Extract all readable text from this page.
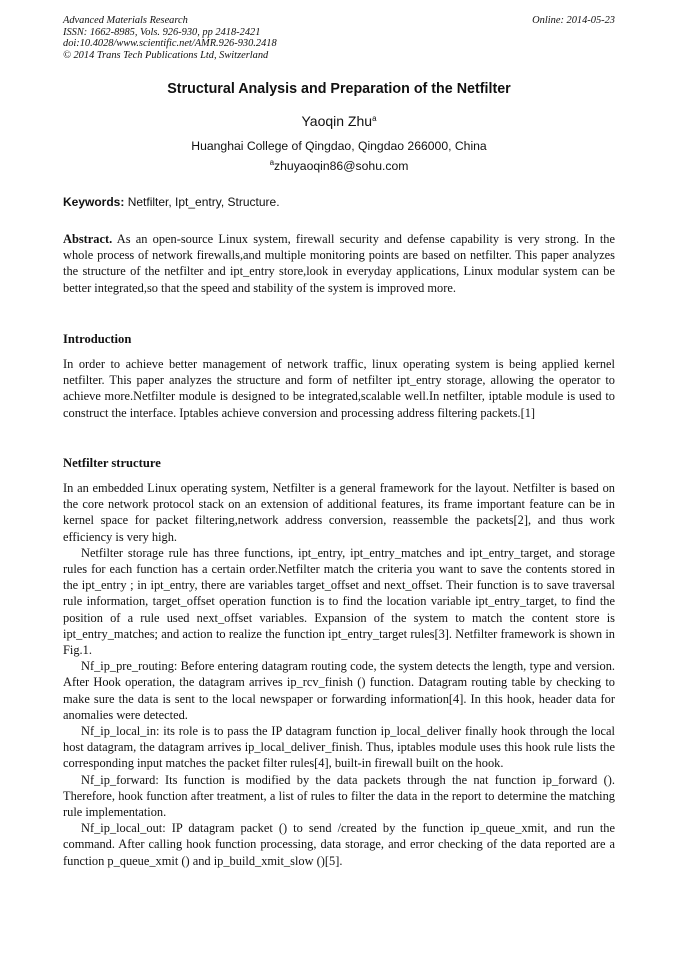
Advanced Materials Research
ISSN: 1662-8985, Vols. 926-930, pp 2418-2421
doi:10.4028/www.scientific.net/AMR.926-930.2418
© 2014 Trans Tech Publications Ltd, Switzerland
Online: 2014-05-23
Structural Analysis and Preparation of the Netfilter
Yaoqin Zhu$^a$
Huanghai College of Qingdao, Qingdao 266000, China
$^a$zhuyaoqin86@sohu.com
Keywords: Netfilter, Ipt_entry, Structure.

Abstract. As an open-source Linux system, firewall security and defense capability is very strong. In the whole process of network firewalls,and multiple monitoring points are based on netfilter. This paper analyzes the structure of the netfilter and ipt_entry store,look in everyday applications, Linux modular system can be better integrated,so that the speed and stability of the system is improved more.

Introduction

In order to achieve better management of network traffic, linux operating system is being applied kernel netfilter. This paper analyzes the structure and form of netfilter ipt_entry storage, allowing the operator to achieve more.Netfilter module is designed to be integrated,scalable well.In netfilter, iptable module is used to construct the interface. Iptables achieve conversion and processing address filtering packets.[1]

Netfilter structure

In an embedded Linux operating system, Netfilter is a general framework for the layout. Netfilter is based on the core network protocol stack on an extension of additional features, its frame important feature can be in kernel space for packet filtering,network address conversion, reassemble the packets[2], and thus work efficiency is very high.

Netfilter storage rule has three functions, ipt_entry, ipt_entry_matches and ipt_entry_target, and storage rules for each function has a certain order.Netfilter match the criteria you want to save the contents stored in the ipt_entry ; in ipt_entry, there are variables target_offset and next_offset. Their function is to save traversal rule information, target_offset operation function is to find the location variable ipt_entry_target, to find the position of a rule used next_offset variables. Expansion of the system to match the content store is ipt_entry_matches; and action to realize the function ipt_entry_target rules[3]. Netfilter framework is shown in Fig.1.

Nf_ip_pre_routing: Before entering datagram routing code, the system detects the length, type and version. After Hook operation, the datagram arrives ip_rcv_finish () function. Datagram routing table by checking to make sure the data is sent to the local newspaper or forwarding information[4]. In this hook, header data for anomalies were detected.

Nf_ip_local_in: its role is to pass the IP datagram function ip_local_deliver finally hook through the local host datagram, the datagram arrives ip_local_deliver_finish. Thus, iptables module uses this hook rule lists the corresponding input matches the packet filter rules[4], built-in firewall built on the hook.

Nf_ip_forward: Its function is modified by the data packets through the nat function ip_forward (). Therefore, hook function after treatment, a list of rules to filter the data in the report to determine the matching rule implementation.

Nf_ip_local_out: IP datagram packet () to send /created by the function ip_queue_xmit, and run the command. After calling hook function processing, data storage, and error checking of the data reported are a function p_queue_xmit () and ip_build_xmit_slow ()[5].
